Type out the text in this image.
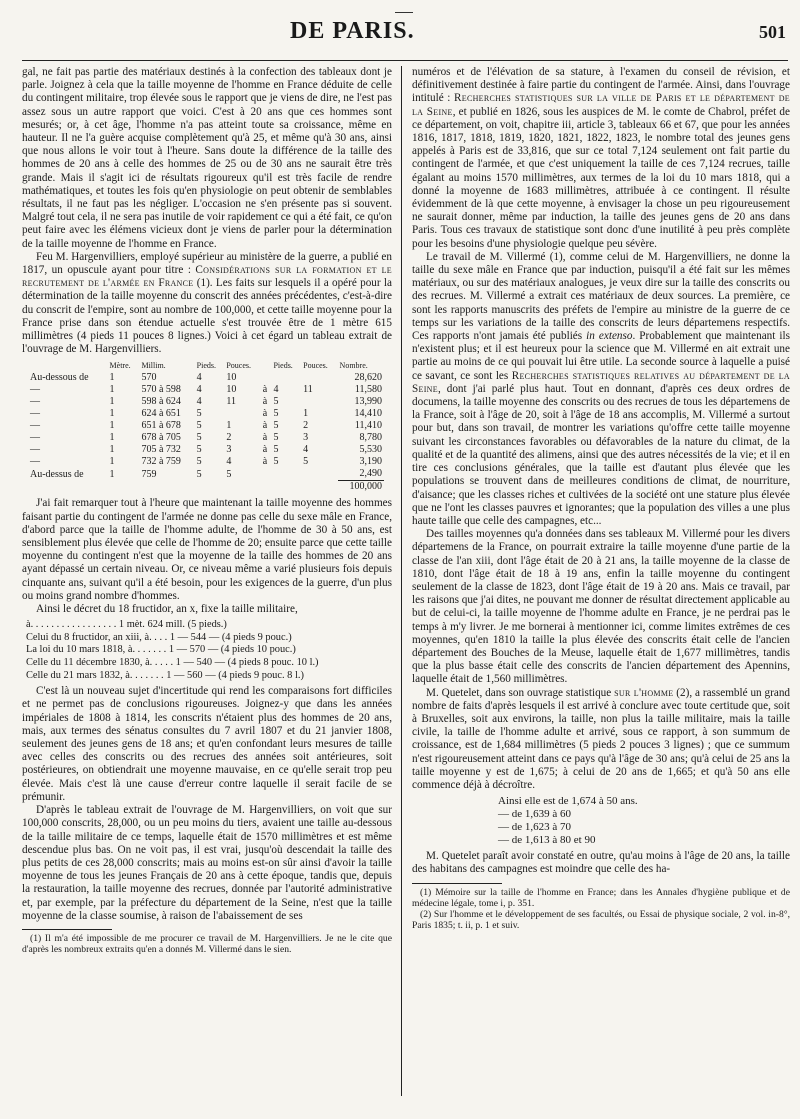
DE PARIS.	501

gal, ne fait pas partie des matériaux destinés à la confection des tableaux dont je parle. Joignez à cela que la taille moyenne de l'homme en France déduite de celle du contingent militaire, trop élevée sous le rapport que je viens de dire, ne l'est pas assez sous un autre rapport que voici. C'est à 20 ans que ces hommes sont mesurés; or, à cet âge, l'homme n'a pas atteint toute sa croissance, même en hauteur. Il ne l'a guère acquise complètement qu'à 25, et même qu'à 30 ans, ainsi que nous allons le voir tout à l'heure. Sans doute la différence de la taille des hommes de 20 ans à celle des hommes de 25 ou de 30 ans ne saurait être très grande. Mais il s'agit ici de résultats rigoureux qu'il est très facile de rendre mathématiques, et toutes les fois qu'en physiologie on peut obtenir de semblables résultats, il ne faut pas les négliger. L'occasion ne s'en présente pas si souvent. Malgré tout cela, il ne sera pas inutile de voir rapidement ce qui a été fait, ce qu'on peut faire avec les élémens vicieux dont je viens de parler pour la détermination de la taille moyenne de l'homme en France.

Feu M. Hargenvilliers, employé supérieur au ministère de la guerre, a publié en 1817, un opuscule ayant pour titre : Considérations sur la formation et le recrutement de l'armée en France (1). Les faits sur lesquels il a opéré pour la détermination de la taille moyenne du conscrit des années précédentes, c'est-à-dire du conscrit de l'empire, sont au nombre de 100,000, et cette taille moyenne pour la France prise dans son étendue actuelle s'est trouvée être de 1 mètre 615 millimètres (4 pieds 11 pouces 8 lignes.) Voici à cet égard un tableau extrait de l'ouvrage de M. Hargenvilliers.

	Mètre.	Millim.	Pieds.	Pouces.		Pieds.	Pouces.	Nombre.
Au-dessous de	1	570	4	10				28,620
—	1	570 à 598	4	10	à	4	11	11,580
—	1	598 à 624	4	11	à	5		13,990
—	1	624 à 651	5		à	5	1	14,410
—	1	651 à 678	5	1	à	5	2	11,410
—	1	678 à 705	5	2	à	5	3	8,780
—	1	705 à 732	5	3	à	5	4	5,530
—	1	732 à 759	5	4	à	5	5	3,190
Au-dessus de	1	759	5	5				2,490
								100,000

J'ai fait remarquer tout à l'heure que maintenant la taille moyenne des hommes faisant partie du contingent de l'armée ne donne pas celle du sexe mâle en France, d'abord parce que la taille de l'homme adulte, de l'homme de 30 à 50 ans, est sensiblement plus élevée que celle de l'homme de 20; ensuite parce que cette taille moyenne du contingent n'est que la moyenne de la taille des hommes de 20 ans ayant dépassé un certain niveau. Or, ce niveau même a varié plusieurs fois depuis cinquante ans, suivant qu'il a été besoin, pour les exigences de la guerre, d'un plus ou moins grand nombre d'hommes.

Ainsi le décret du 18 fructidor, an x, fixe la taille militaire,

à. . . . . . . . . . . . . . . . . 1 mèt. 624 mill. (5 pieds.)
Celui du 8 fructidor, an xiii, à. . . . 1 — 544 — (4 pieds 9 pouc.)
La loi du 10 mars 1818, à. . . . . . . 1 — 570 — (4 pieds 10 pouc.)
Celle du 11 décembre 1830, à. . . . . 1 — 540 — (4 pieds 8 pouc. 10 l.)
Celle du 21 mars 1832, à. . . . . . . 1 — 560 — (4 pieds 9 pouc. 8 l.)

C'est là un nouveau sujet d'incertitude qui rend les comparaisons fort difficiles et ne permet pas de conclusions rigoureuses. Joignez-y que dans les années impériales de 1808 à 1814, les conscrits n'étaient plus des hommes de 20 ans, mais, aux termes des sénatus consultes du 7 avril 1807 et du 21 janvier 1808, seulement des jeunes gens de 18 ans; et qu'en confondant leurs mesures de taille avec celles des conscrits ou des recrues des années soit antérieures, soit postérieures, on obtiendrait une moyenne mauvaise, en ce qu'elle serait trop peu élevée. Mais c'est là une cause d'erreur contre laquelle il serait facile de se prémunir.

D'après le tableau extrait de l'ouvrage de M. Hargenvilliers, on voit que sur 100,000 conscrits, 28,000, ou un peu moins du tiers, avaient une taille au-dessous de la taille militaire de ce temps, laquelle était de 1570 millimètres et est même descendue plus bas. On ne voit pas, il est vrai, jusqu'où descendait la taille des plus petits de ces 28,000 conscrits; mais au moins est-on sûr ainsi d'avoir la taille moyenne de tous les jeunes Français de 20 ans à cette époque, tandis que, depuis la restauration, la taille moyenne des recrues, donnée par l'autorité administrative et, par exemple, par la préfecture du département de la Seine, n'est que la taille moyenne de la classe soumise, à raison de l'abaissement de ses

(1) Il m'a été impossible de me procurer ce travail de M. Hargenvilliers. Je ne le cite que d'après les nombreux extraits qu'en a donnés M. Villermé dans le sien.

numéros et de l'élévation de sa stature, à l'examen du conseil de révision, et définitivement destinée à faire partie du contingent de l'armée. Ainsi, dans l'ouvrage intitulé : Recherches statistiques sur la ville de Paris et le département de la Seine, et publié en 1826, sous les auspices de M. le comte de Chabrol, préfet de ce département, on voit, chapitre iii, article 3, tableaux 66 et 67, que pour les années 1816, 1817, 1818, 1819, 1820, 1821, 1822, 1823, le nombre total des jeunes gens appelés à Paris est de 33,816, que sur ce total 7,124 seulement ont fait partie du contingent de l'armée, et que c'est uniquement la taille de ces 7,124 recrues, taille égalant au moins 1570 millimètres, aux termes de la loi du 10 mars 1818, qui a donné la moyenne de 1683 millimètres, attribuée à ce contingent. Il résulte évidemment de là que cette moyenne, à envisager la chose un peu rigoureusement ne saurait donner, même par induction, la taille des jeunes gens de 20 ans dans Paris. Tous ces travaux de statistique sont donc d'une inutilité à peu près complète pour les besoins d'une physiologie quelque peu sévère.

Le travail de M. Villermé (1), comme celui de M. Hargenvilliers, ne donne la taille du sexe mâle en France que par induction, puisqu'il a été fait sur les mêmes matériaux, ou sur des matériaux analogues, je veux dire sur la taille des conscrits ou des recrues. M. Villermé a extrait ces matériaux de deux sources. La première, ce sont les rapports manuscrits des préfets de l'empire au ministre de la guerre de ce temps sur les variations de la taille des conscrits de leurs départemens respectifs. Ces rapports n'ont jamais été publiés in extenso. Probablement que maintenant ils n'existent plus; et il est heureux pour la science que M. Villermé en ait extrait une partie au moins de ce qui pouvait lui être utile. La seconde source à laquelle a puisé ce savant, ce sont les Recherches statistiques relatives au département de la Seine, dont j'ai parlé plus haut. Tout en donnant, d'après ces deux ordres de documens, la taille moyenne des conscrits ou des recrues de tous les départemens de la France, soit à l'âge de 20, soit à l'âge de 18 ans accomplis, M. Villermé a surtout pour but, dans son travail, de montrer les variations qu'offre cette taille moyenne suivant les circonstances favorables ou défavorables de la nature du climat, de la qualité et de la quantité des alimens, ainsi que des autres nécessités de la vie; et il en tire ces conclusions générales, que la taille est d'autant plus élevée que les populations se trouvent dans de meilleures conditions de climat, de nourriture, d'aisance; que les classes riches et cultivées de la société ont une stature plus élevée que ne l'ont les classes pauvres et ignorantes; que la population des villes a une plus haute taille que celle des campagnes, etc...

Des tailles moyennes qu'a données dans ses tableaux M. Villermé pour les divers départemens de la France, on pourrait extraire la taille moyenne d'une partie de la classe de l'an xiii, dont l'âge était de 20 à 21 ans, la taille moyenne de la classe de 1810, dont l'âge était de 18 à 19 ans, enfin la taille moyenne du contingent seulement de la classe de 1823, dont l'âge était de 19 à 20 ans. Mais ce travail, par les raisons que j'ai dites, ne pouvant me donner de résultat directement applicable au but de celui-ci, la taille moyenne de l'homme adulte en France, je ne perdrai pas le temps à m'y livrer. Je me bornerai à mentionner ici, comme limites extrêmes de ces moyennes, qu'en 1810 la taille la plus élevée des conscrits était celle de l'ancien département des Bouches de la Meuse, laquelle était de 1,677 millimètres, tandis que la plus basse était celle des conscrits de l'ancien département des Apennins, laquelle était de 1,560 millimètres.

M. Quetelet, dans son ouvrage statistique sur l'homme (2), a rassemblé un grand nombre de faits d'après lesquels il est arrivé à conclure avec toute certitude que, soit à Bruxelles, soit aux environs, la taille, non plus la taille militaire, mais la taille civile, la taille de l'homme adulte et arrivé, sous ce rapport, à son summum de croissance, est de 1,684 millimètres (5 pieds 2 pouces 3 lignes) ; que ce summum n'est rigoureusement atteint dans ce pays qu'à l'âge de 30 ans; qu'à celui de 25 ans la taille moyenne y est de 1,675; à celui de 20 ans de 1,665; et qu'à 50 ans elle commence déjà à décroître.

Ainsi elle est de 1,674 à 50 ans.
— de 1,639 à 60
— de 1,623 à 70
— de 1,613 à 80 et 90

M. Quetelet paraît avoir constaté en outre, qu'au moins à l'âge de 20 ans, la taille des habitans des campagnes est moindre que celle des ha-

(1) Mémoire sur la taille de l'homme en France; dans les Annales d'hygiène publique et de médecine légale, tome i, p. 351.

(2) Sur l'homme et le développement de ses facultés, ou Essai de physique sociale, 2 vol. in-8°, Paris 1835; t. ii, p. 1 et suiv.
